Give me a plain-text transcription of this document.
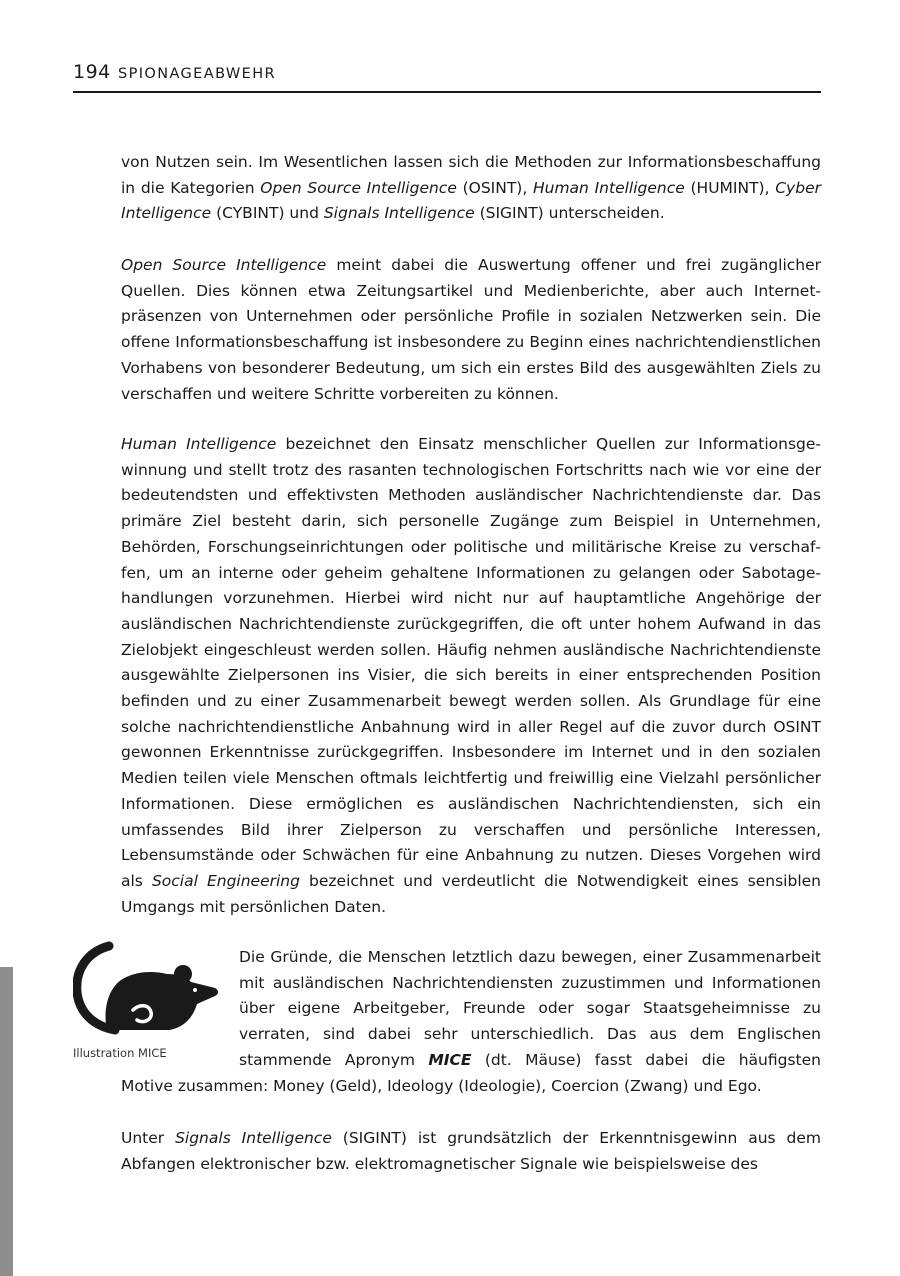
194 SPIONAGEABWEHR

von Nutzen sein. Im Wesentlichen lassen sich die Methoden zur Informationsbeschaffung in die Kategorien Open Source Intelligence (OSINT), Human Intelligence (HUMINT), Cyber Intelligence (CYBINT) und Signals Intelligence (SIGINT) unterscheiden.

Open Source Intelligence meint dabei die Auswertung offener und frei zugänglicher Quellen. Dies können etwa Zeitungsartikel und Medienberichte, aber auch Internetpräsenzen von Unternehmen oder persönliche Profile in sozialen Netzwerken sein. Die offene Informationsbeschaffung ist insbesondere zu Beginn eines nachrichtendienstlichen Vorhabens von besonderer Bedeutung, um sich ein erstes Bild des ausgewählten Ziels zu verschaffen und weitere Schritte vorbereiten zu können.

Human Intelligence bezeichnet den Einsatz menschlicher Quellen zur Informationsgewinnung und stellt trotz des rasanten technologischen Fortschritts nach wie vor eine der bedeutendsten und effektivsten Methoden ausländischer Nachrichtendienste dar. Das primäre Ziel besteht darin, sich personelle Zugänge zum Beispiel in Unternehmen, Behörden, Forschungseinrichtungen oder politische und militärische Kreise zu verschaffen, um an interne oder geheim gehaltene Informationen zu gelangen oder Sabotagehandlungen vorzunehmen. Hierbei wird nicht nur auf hauptamtliche Angehörige der ausländischen Nachrichtendienste zurückgegriffen, die oft unter hohem Aufwand in das Zielobjekt eingeschleust werden sollen. Häufig nehmen ausländische Nachrichtendienste ausgewählte Zielpersonen ins Visier, die sich bereits in einer entsprechenden Position befinden und zu einer Zusammenarbeit bewegt werden sollen. Als Grundlage für eine solche nachrichtendienstliche Anbahnung wird in aller Regel auf die zuvor durch OSINT gewonnen Erkenntnisse zurückgegriffen. Insbesondere im Internet und in den sozialen Medien teilen viele Menschen oftmals leichtfertig und freiwillig eine Vielzahl persönlicher Informationen. Diese ermöglichen es ausländischen Nachrichtendiensten, sich ein umfassendes Bild ihrer Zielperson zu verschaffen und persönliche Interessen, Lebensumstände oder Schwächen für eine Anbahnung zu nutzen. Dieses Vorgehen wird als Social Engineering bezeichnet und verdeutlicht die Notwendigkeit eines sensiblen Umgangs mit persönlichen Daten.

Illustration MICE

Die Gründe, die Menschen letztlich dazu bewegen, einer Zusammenarbeit mit ausländischen Nachrichtendiensten zuzustimmen und Informationen über eigene Arbeitgeber, Freunde oder sogar Staatsgeheimnisse zu verraten, sind dabei sehr unterschiedlich. Das aus dem Englischen stammende Apronym MICE (dt. Mäuse) fasst dabei die häufigsten

Motive zusammen: Money (Geld), Ideology (Ideologie), Coercion (Zwang) und Ego.

Unter Signals Intelligence (SIGINT) ist grundsätzlich der Erkenntnisgewinn aus dem Abfangen elektronischer bzw. elektromagnetischer Signale wie beispielsweise des
